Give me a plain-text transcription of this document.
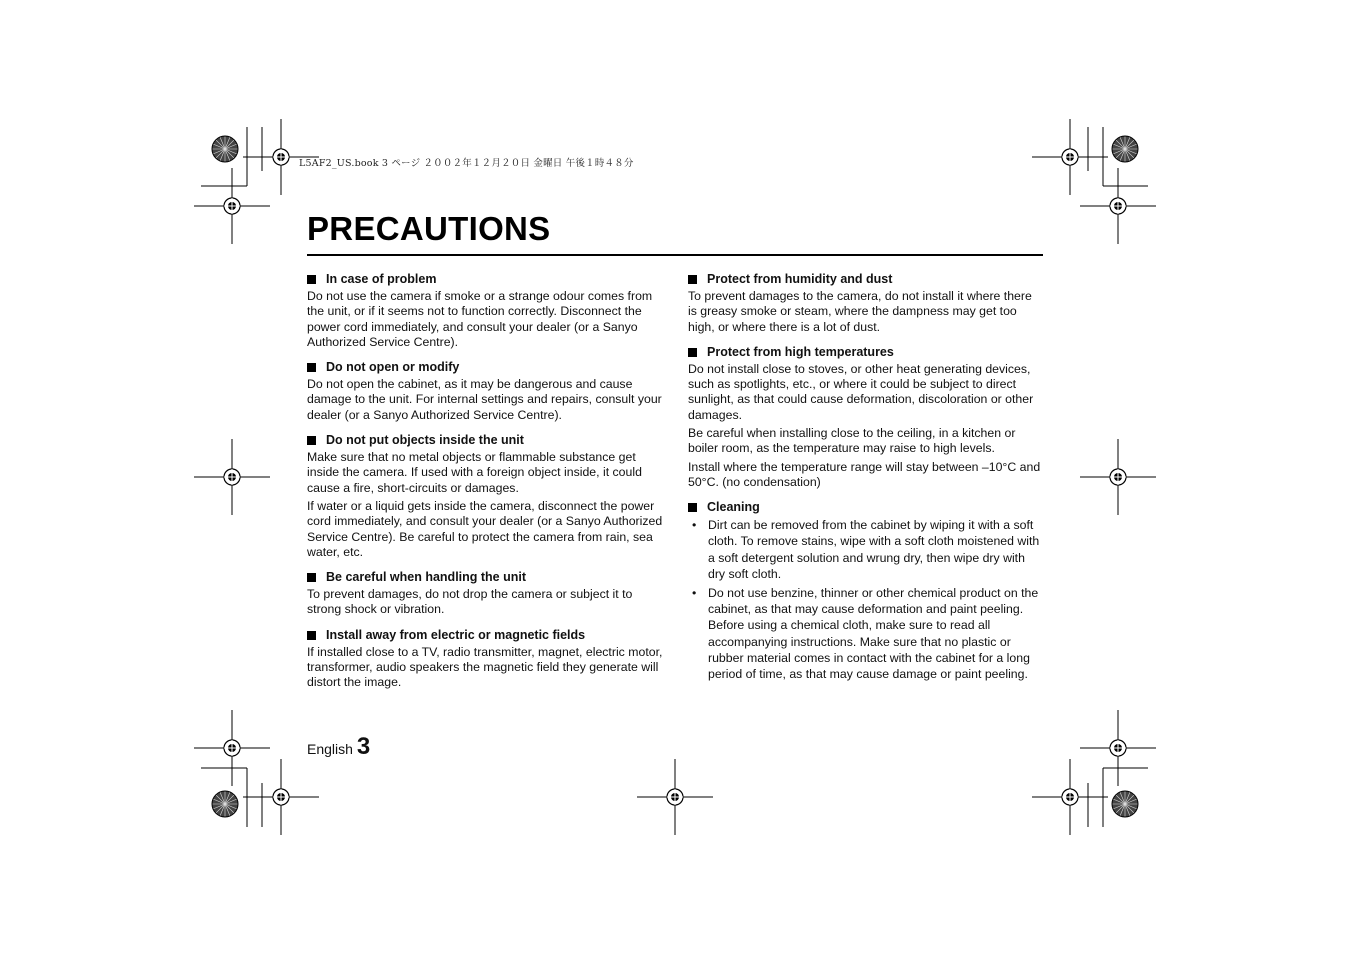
L5AF2_US.book 3 ページ ２００２年１２月２０日 金曜日 午後１時４８分
PRECAUTIONS
In case of problem

Do not use the camera if smoke or a strange odour comes from the unit, or if it seems not to function correctly. Disconnect the power cord immediately, and consult your dealer (or a Sanyo Authorized Service Centre).

Do not open or modify

Do not open the cabinet, as it may be dangerous and cause damage to the unit. For internal settings and repairs, consult your dealer (or a Sanyo Authorized Service Centre).

Do not put objects inside the unit

Make sure that no metal objects or flammable substance get inside the camera. If used with a foreign object inside, it could cause a fire, short-circuits or damages.

If water or a liquid gets inside the camera, disconnect the power cord immediately, and consult your dealer (or a Sanyo Authorized Service Centre). Be careful to protect the camera from rain, sea water, etc.

Be careful when handling the unit

To prevent damages, do not drop the camera or subject it to strong shock or vibration.

Install away from electric or magnetic fields

If installed close to a TV, radio transmitter, magnet, electric motor, transformer, audio speakers the magnetic field they generate will distort the image.

Protect from humidity and dust

To prevent damages to the camera, do not install it where there is greasy smoke or steam, where the dampness may get too high, or where there is a lot of dust.

Protect from high temperatures

Do not install close to stoves, or other heat generating devices, such as spotlights, etc., or where it could be subject to direct sunlight, as that could cause deformation, discoloration or other damages.

Be careful when installing close to the ceiling, in a kitchen or boiler room, as the temperature may raise to high levels.

Install where the temperature range will stay between –10°C and 50°C. (no condensation)

Cleaning
• Dirt can be removed from the cabinet by wiping it with a soft cloth. To remove stains, wipe with a soft cloth moistened with a soft detergent solution and wrung dry, then wipe dry with dry soft cloth.
• Do not use benzine, thinner or other chemical product on the cabinet, as that may cause deformation and paint peeling. Before using a chemical cloth, make sure to read all accompanying instructions. Make sure that no plastic or rubber material comes in contact with the cabinet for a long period of time, as that may cause damage or paint peeling.
English 3
